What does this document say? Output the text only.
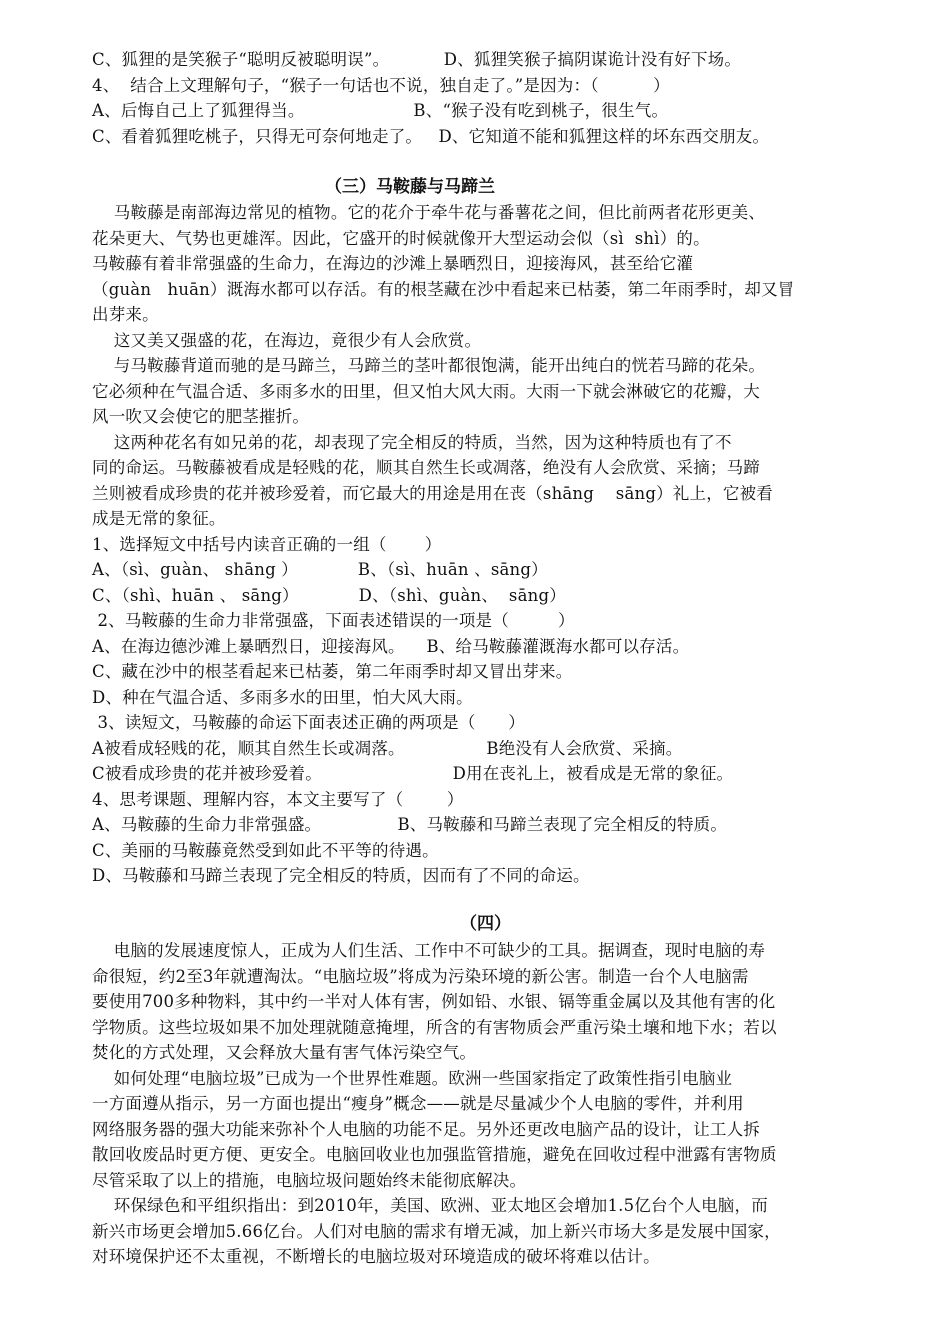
C、狐狸的是笑猴子“聪明反被聪明误”。          D、狐狸笑猴子搞阴谋诡计没有好下场。
4、  结合上文理解句子，“猴子一句话也不说，独自走了。”是因为：（          ）
A、后悔自己上了狐狸得当。                    B、“猴子没有吃到桃子，很生气。
C、看着狐狸吃桃子，只得无可奈何地走了。   D、它知道不能和狐狸这样的坏东西交朋友。
（三）马鞍藤与马蹄兰
马鞍藤是南部海边常见的植物。它的花介于牵牛花与番薯花之间，但比前两者花形更美、
花朵更大、气势也更雄浑。因此，它盛开的时候就像开大型运动会似（sì  shì）的。
马鞍藤有着非常强盛的生命力，在海边的沙滩上暴晒烈日，迎接海风，甚至给它灌
（guàn   huān）溉海水都可以存活。有的根茎藏在沙中看起来已枯萎，第二年雨季时，却又冒
出芽来。
这又美又强盛的花，在海边，竟很少有人会欣赏。
与马鞍藤背道而驰的是马蹄兰，马蹄兰的茎叶都很饱满，能开出纯白的恍若马蹄的花朵。
它必须种在气温合适、多雨多水的田里，但又怕大风大雨。大雨一下就会淋破它的花瓣，大
风一吹又会使它的肥茎摧折。
这两种花名有如兄弟的花，却表现了完全相反的特质，当然，因为这种特质也有了不
同的命运。马鞍藤被看成是轻贱的花，顺其自然生长或凋落，绝没有人会欣赏、采摘；马蹄
兰则被看成珍贵的花并被珍爱着，而它最大的用途是用在丧（shāng    sāng）礼上，它被看
成是无常的象征。
1、选择短文中括号内读音正确的一组（       ）
A、（sì、guàn、 shāng ）           B、（sì、huān 、sāng）
C、（shì、huān 、 sāng）           D、（shì、guàn、  sāng）
2、马鞍藤的生命力非常强盛，下面表述错误的一项是（         ）
A、在海边德沙滩上暴晒烈日，迎接海风。    B、给马鞍藤灌溉海水都可以存活。
C、藏在沙中的根茎看起来已枯萎，第二年雨季时却又冒出芽来。
D、种在气温合适、多雨多水的田里，怕大风大雨。
3、读短文，马鞍藤的命运下面表述正确的两项是（      ）
A被看成轻贱的花，顺其自然生长或凋落。               B绝没有人会欣赏、采摘。
C被看成珍贵的花并被珍爱着。                        D用在丧礼上，被看成是无常的象征。
4、思考课题、理解内容，本文主要写了（        ）
A、马鞍藤的生命力非常强盛。              B、马鞍藤和马蹄兰表现了完全相反的特质。
C、美丽的马鞍藤竟然受到如此不平等的待遇。
D、马鞍藤和马蹄兰表现了完全相反的特质，因而有了不同的命运。
（四）
电脑的发展速度惊人，正成为人们生活、工作中不可缺少的工具。据调查，现时电脑的寿
命很短，约2至3年就遭淘汰。“电脑垃圾”将成为污染环境的新公害。制造一台个人电脑需
要使用700多种物料，其中约一半对人体有害，例如铅、水银、镉等重金属以及其他有害的化
学物质。这些垃圾如果不加处理就随意掩埋，所含的有害物质会严重污染土壤和地下水；若以
焚化的方式处理，又会释放大量有害气体污染空气。
如何处理“电脑垃圾”已成为一个世界性难题。欧洲一些国家指定了政策性指引电脑业
一方面遵从指示，另一方面也提出“瘦身”概念——就是尽量减少个人电脑的零件，并利用
网络服务器的强大功能来弥补个人电脑的功能不足。另外还更改电脑产品的设计，让工人拆
散回收废品时更方便、更安全。电脑回收业也加强监管措施，避免在回收过程中泄露有害物质
尽管采取了以上的措施，电脑垃圾问题始终未能彻底解决。
环保绿色和平组织指出：到2010年，美国、欧洲、亚太地区会增加1.5亿台个人电脑，而
新兴市场更会增加5.66亿台。人们对电脑的需求有增无减，加上新兴市场大多是发展中国家，
对环境保护还不太重视，不断增长的电脑垃圾对环境造成的破坏将难以估计。
